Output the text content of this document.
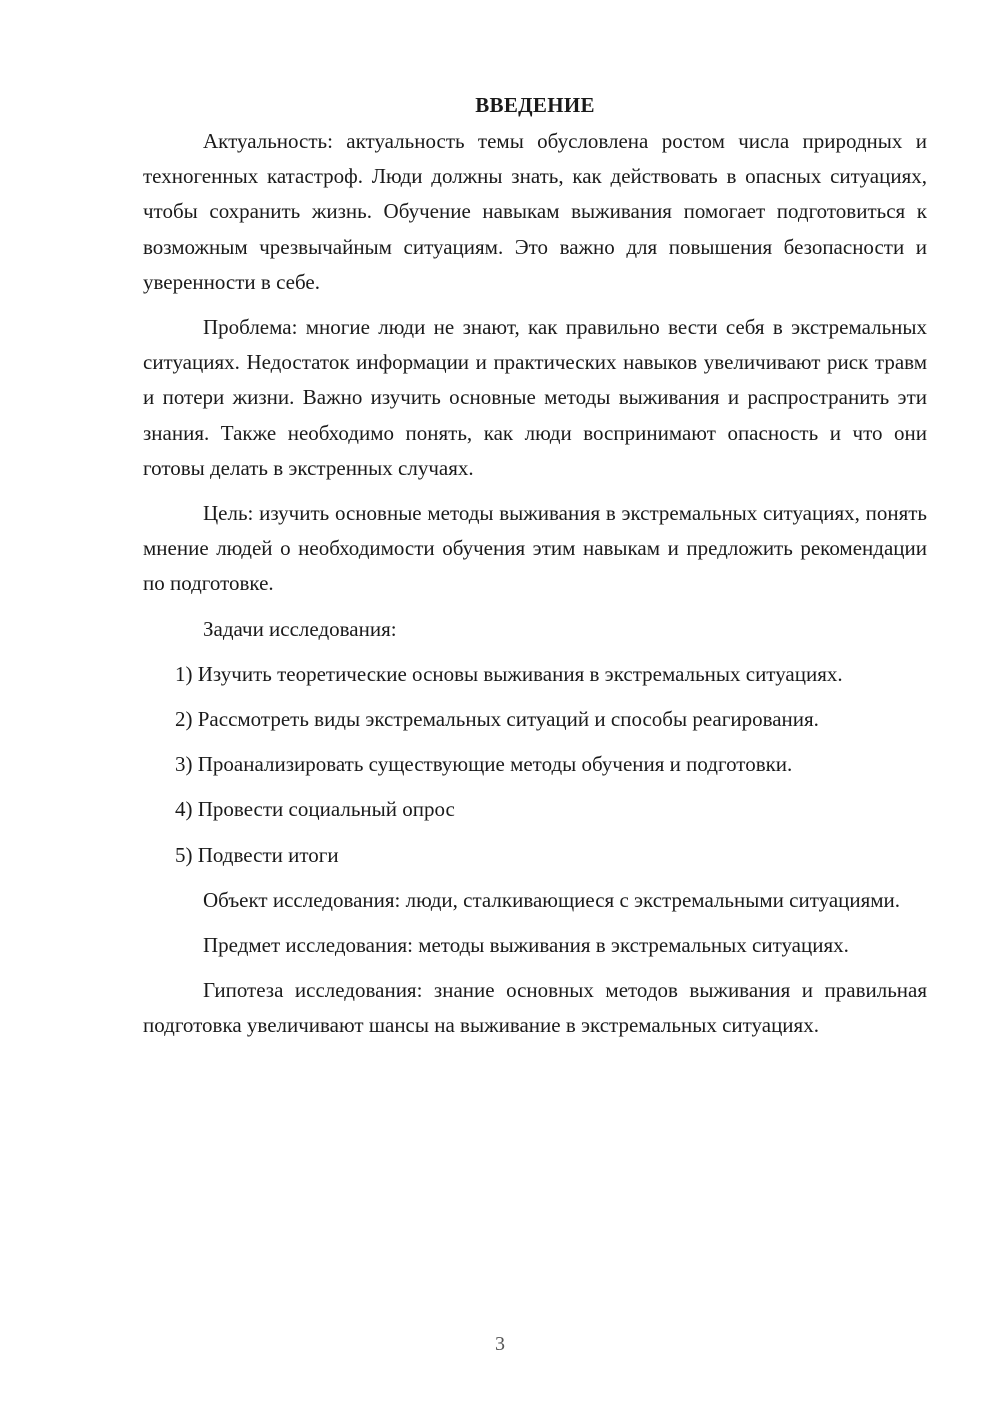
ВВЕДЕНИЕ

Актуальность: актуальность темы обусловлена ростом числа природных и техногенных катастроф. Люди должны знать, как действовать в опасных ситуациях, чтобы сохранить жизнь. Обучение навыкам выживания помогает подготовиться к возможным чрезвычайным ситуациям. Это важно для повышения безопасности и уверенности в себе.

Проблема: многие люди не знают, как правильно вести себя в экстремальных ситуациях. Недостаток информации и практических навыков увеличивают риск травм и потери жизни. Важно изучить основные методы выживания и распространить эти знания. Также необходимо понять, как люди воспринимают опасность и что они готовы делать в экстренных случаях.

Цель: изучить основные методы выживания в экстремальных ситуациях, понять мнение людей о необходимости обучения этим навыкам и предложить рекомендации по подготовке.

Задачи исследования:

1) Изучить теоретические основы выживания в экстремальных ситуациях.

2) Рассмотреть виды экстремальных ситуаций и способы реагирования.

3) Проанализировать существующие методы обучения и подготовки.

4) Провести социальный опрос

5) Подвести итоги

Объект исследования: люди, сталкивающиеся с экстремальными ситуациями.

Предмет исследования: методы выживания в экстремальных ситуациях.

Гипотеза исследования: знание основных методов выживания и правильная подготовка увеличивают шансы на выживание в экстремальных ситуациях.

3
